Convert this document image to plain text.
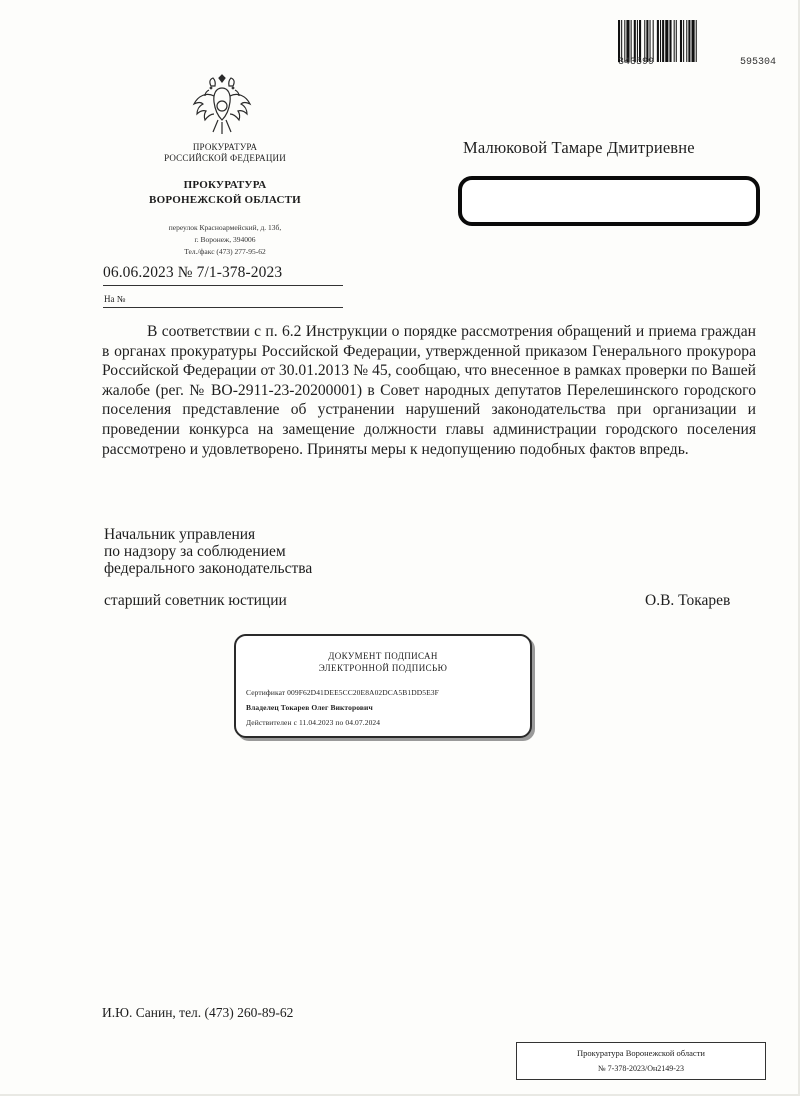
343599	595304
ПРОКУРАТУРА
РОССИЙСКОЙ ФЕДЕРАЦИИ
ПРОКУРАТУРА
ВОРОНЕЖСКОЙ ОБЛАСТИ
переулок Красноармейский, д. 13б,
г. Воронеж, 394006
Тел./факс (473) 277-95-62
06.06.2023 № 7/1-378-2023
На №
Малюковой Тамаре Дмитриевне

В соответствии с п. 6.2 Инструкции о порядке рассмотрения обращений и приема граждан в органах прокуратуры Российской Федерации, утвержденной приказом Генерального прокурора Российской Федерации от 30.01.2013 № 45, сообщаю, что внесенное в рамках проверки по Вашей жалобе (рег. № ВО-2911-23-20200001) в Совет народных депутатов Перелешинского городского поселения представление об устранении нарушений законодательства при организации и проведении конкурса на замещение должности главы администрации городского поселения рассмотрено и удовлетворено. Приняты меры к недопущению подобных фактов впредь.

Начальник управления
по надзору за соблюдением
федерального законодательства
старший советник юстиции	О.В. Токарев
ДОКУМЕНТ ПОДПИСАН
ЭЛЕКТРОННОЙ ПОДПИСЬЮ
Сертификат 009F62D41DEE5CC20E8A02DCA5B1DD5E3F
Владелец Токарев Олег Викторович
Действителен с 11.04.2023 по 04.07.2024
И.Ю. Санин, тел. (473) 260-89-62
Прокуратура Воронежской области
№ 7-378-2023/Он2149-23
